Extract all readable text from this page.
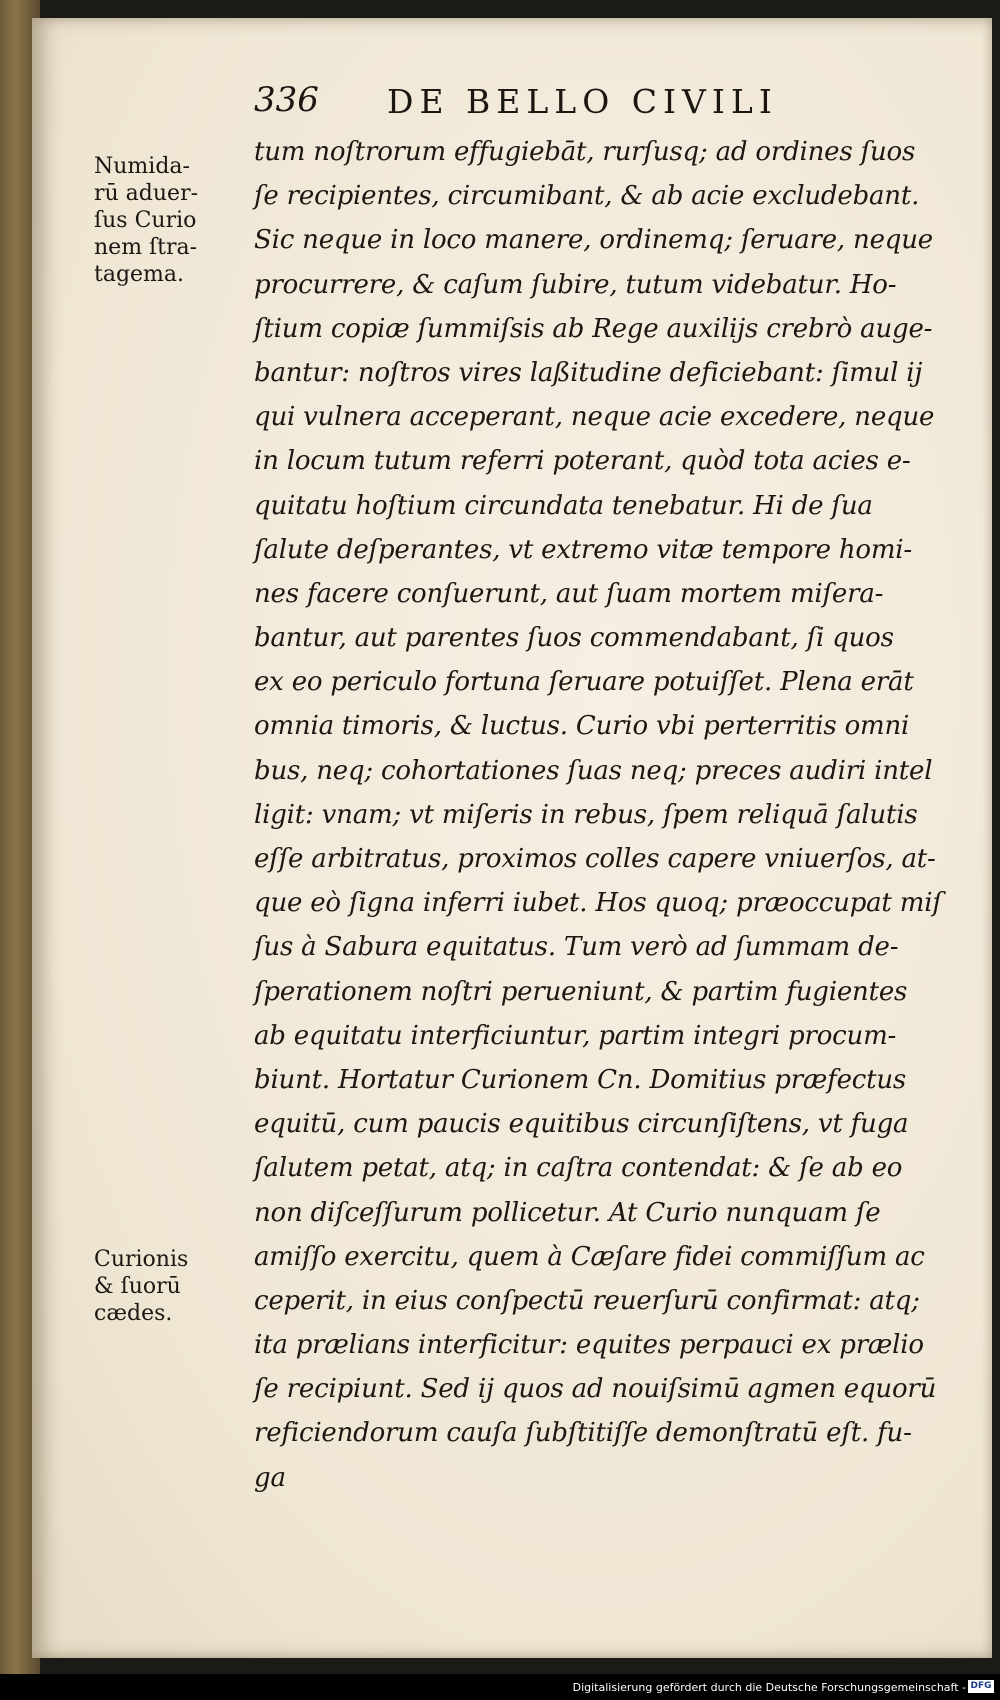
336 DE BELLO CIVILI
Numida-
rū aduer-
ſus Curio
nem ſtra-
tagema.
Curionis
& ſuorū
cædes.
tum noſtrorum effugiebāt, rurſusq; ad ordines ſuos
ſe recipientes, circumibant, & ab acie excludebant.
Sic neque in loco manere, ordinemq; ſeruare, neque
procurrere, & caſum ſubire, tutum videbatur. Ho-
ſtium copiæ ſummiſsis ab Rege auxilijs crebrò auge-
bantur: noſtros vires laßitudine deficiebant: ſimul ij
qui vulnera acceperant, neque acie excedere, neque
in locum tutum referri poterant, quòd tota acies e-
quitatu hoſtium circundata tenebatur. Hi de ſua
ſalute deſperantes, vt extremo vitæ tempore homi-
nes facere conſuerunt, aut ſuam mortem miſera-
bantur, aut parentes ſuos commendabant, ſi quos
ex eo periculo fortuna ſeruare potuiſſet. Plena erāt
omnia timoris, & luctus. Curio vbi perterritis omni
bus, neq; cohortationes ſuas neq; preces audiri intel
ligit: vnam; vt miſeris in rebus, ſpem reliquā ſalutis
eſſe arbitratus, proximos colles capere vniuerſos, at-
que eò ſigna inferri iubet. Hos quoq; præoccupat miſ
ſus à Sabura equitatus. Tum verò ad ſummam de-
ſperationem noſtri perueniunt, & partim fugientes
ab equitatu interficiuntur, partim integri procum-
biunt. Hortatur Curionem Cn. Domitius præfectus
equitū, cum paucis equitibus circunſiſtens, vt fuga
ſalutem petat, atq; in caſtra contendat: & ſe ab eo
non diſceſſurum pollicetur. At Curio nunquam ſe
amiſſo exercitu, quem à Cæſare fidei commiſſum ac
ceperit, in eius conſpectū reuerſurū confirmat: atq;
ita prælians interficitur: equites perpauci ex prælio
ſe recipiunt. Sed ij quos ad nouiſsimū agmen equorū
reficiendorum cauſa ſubſtitiſſe demonſtratū eſt. fu-
ga
Digitalisierung gefördert durch die Deutsche Forschungsgemeinschaft - DFG
